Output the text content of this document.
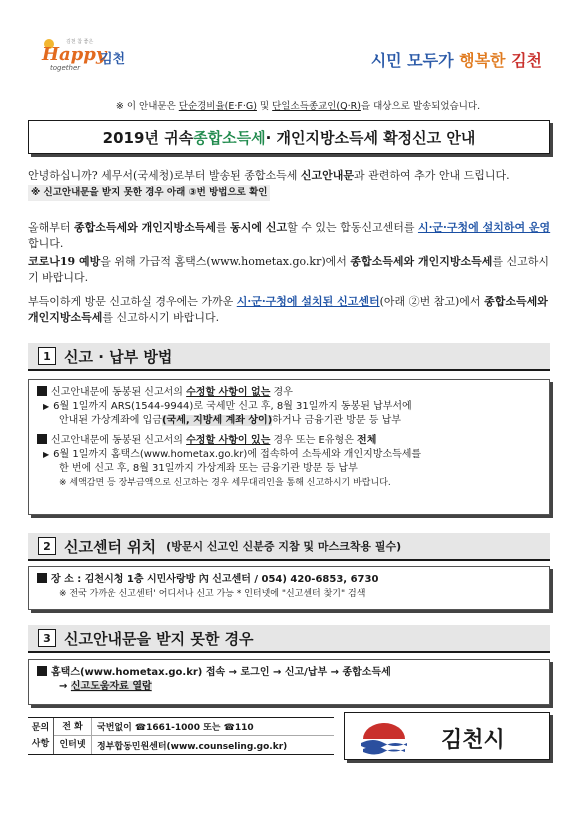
김천 참 좋은
Happy
together
김천	시민 모두가 행복한 김천
※ 이 안내문은 단순경비율(E·F·G) 및 단일소득종교인(Q·R)을 대상으로 발송되었습니다.
2019년 귀속 종합소득세 · 개인지방소득세 확정신고 안내
안녕하십니까? 세무서(국세청)로부터 발송된 종합소득세 신고안내문과 관련하여 추가 안내 드립니다. ※ 신고안내문을 받지 못한 경우 아래 ③번 방법으로 확인
올해부터 종합소득세와 개인지방소득세를 동시에 신고할 수 있는 합동신고센터를 시·군·구청에 설치하여 운영합니다.
코로나19 예방을 위해 가급적 홈택스(www.hometax.go.kr)에서 종합소득세와 개인지방소득세를 신고하시기 바랍니다.
부득이하게 방문 신고하실 경우에는 가까운 시·군·구청에 설치된 신고센터(아래 ②번 참고)에서 종합소득세와 개인지방소득세를 신고하시기 바랍니다.
1 신고 · 납부 방법
신고안내문에 동봉된 신고서의 수정할 사항이 없는 경우
▶ 6월 1일까지 ARS(1544-9944)로 국세만 신고 후, 8월 31일까지 동봉된 납부서에
안내된 가상계좌에 입금(국세, 지방세 계좌 상이)하거나 금융기관 방문 등 납부
신고안내문에 동봉된 신고서의 수정할 사항이 있는 경우 또는 E유형은 전체
▶ 6월 1일까지 홈택스(www.hometax.go.kr)에 접속하여 소득세와 개인지방소득세를
한 번에 신고 후, 8월 31일까지 가상계좌 또는 금융기관 방문 등 납부
※ 세액감면 등 장부금액으로 신고하는 경우 세무대리인을 통해 신고하시기 바랍니다.
2 신고센터 위치 (방문시 신고인 신분증 지참 및 마스크착용 필수)
장 소 : 김천시청 1층 시민사랑방 內 신고센터 / 054) 420-6853, 6730
※ 전국 가까운 신고센터' 어디서나 신고 가능 * 인터넷에 "신고센터 찾기" 검색
3 신고안내문을 받지 못한 경우
홈택스(www.hometax.go.kr) 접속 → 로그인 → 신고/납부 → 종합소득세
→ 신고도움자료 열람
문의
사항
전 화	국번없이 ☎1661-1000 또는 ☎110
인터넷	정부합동민원센터(www.counseling.go.kr)	김천시
